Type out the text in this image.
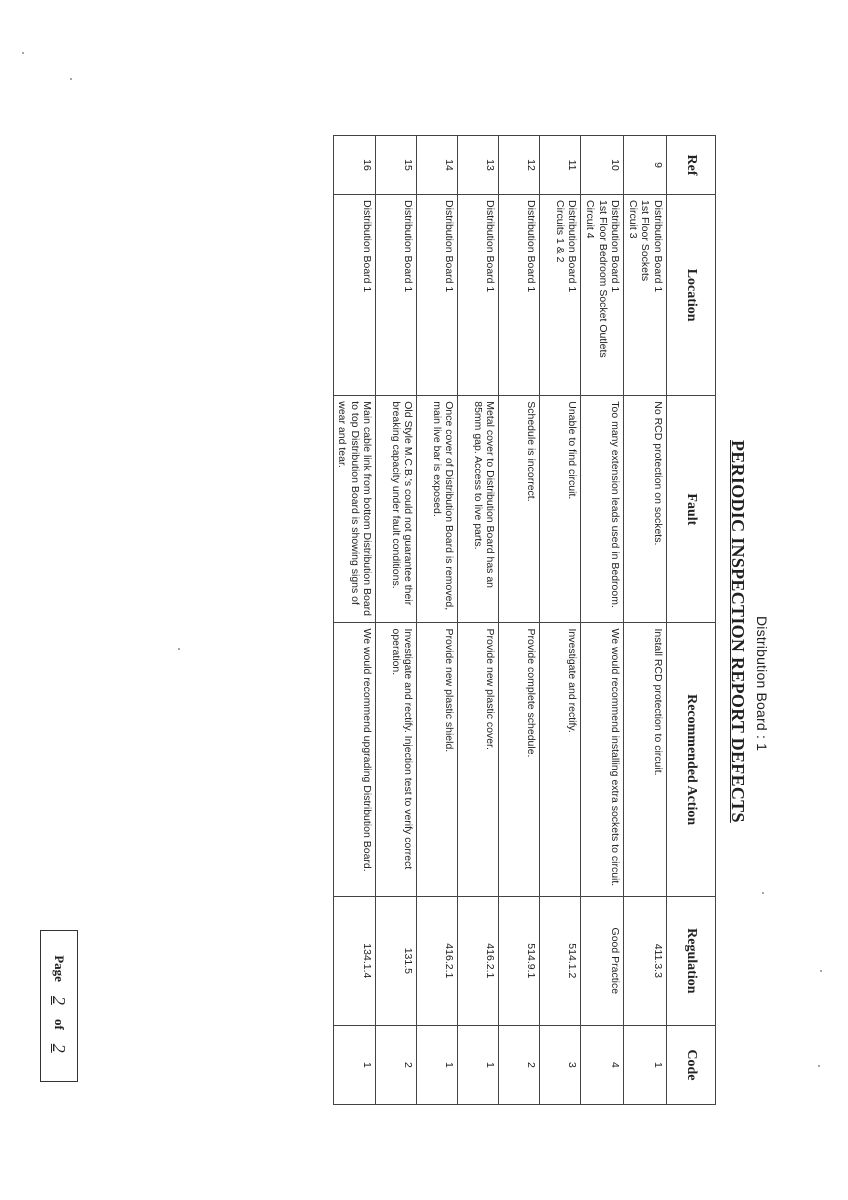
Distribution Board : 1
PERIODIC INSPECTION REPORT DEFECTS
Ref	Location	Fault	Recommended Action	Regulation	Code
9	Distribution Board 1
1st Floor Sockets
Circuit 3	No RCD protection on sockets.	Install RCD protection to circuit.	411.3.3	1
10	Distribution Board 1
1st Floor Bedroom Socket Outlets
Circuit 4	Too many extension leads used in Bedroom.	We would recommend installing extra sockets to circuit.	Good Practice	4
11	Distribution Board 1
Circuits 1 & 2	Unable to find circuit.	Investigate and rectify.	514.1.2	3
12	Distribution Board 1	Schedule is incorrect.	Provide complete schedule.	514.9.1	2
13	Distribution Board 1	Metal cover to Distribution Board has an 85mm gap. Access to live parts.	Provide new plastic cover.	416.2.1	1
14	Distribution Board 1	Once cover of Distribution Board is removed, main live bar is exposed.	Provide new plastic shield.	416.2.1	1
15	Distribution Board 1	Old Style M.C.B.'s could not guarantee their breaking capacity under fault conditions.	Investigate and rectify. Injection test to verify correct operation.	131.5	2
16	Distribution Board 1	Main cable link from bottom Distribution Board to top Distribution Board is showing signs of wear and tear.	We would recommend upgrading Distribution Board.	134.1.4	1
Page
2
of
2
